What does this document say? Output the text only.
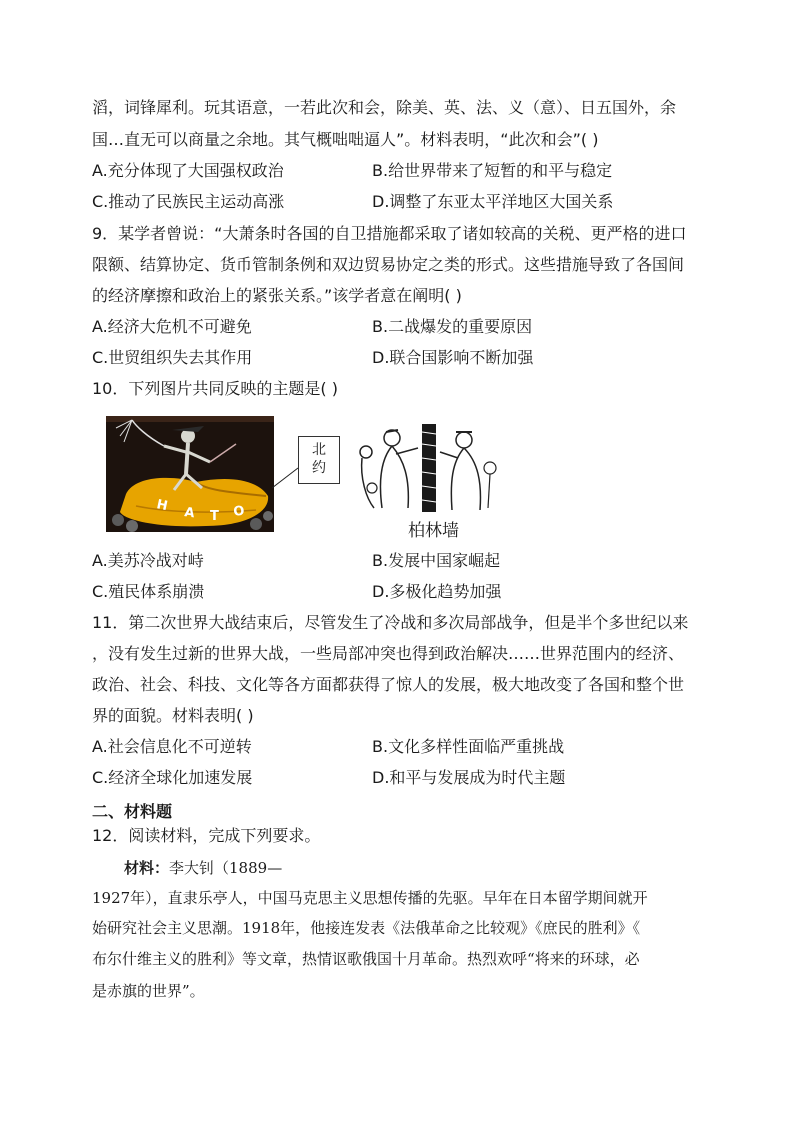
滔，词锋犀利。玩其语意，一若此次和会，除美、英、法、义（意）、日五国外，余
国…直无可以商量之余地。其气概咄咄逼人”。材料表明，“此次和会”( )
A.充分体现了大国强权政治	B.给世界带来了短暂的和平与稳定
C.推动了民族民主运动高涨	D.调整了东亚太平洋地区大国关系
9．某学者曾说：“大萧条时各国的自卫措施都采取了诸如较高的关税、更严格的进口
限额、结算协定、货币管制条例和双边贸易协定之类的形式。这些措施导致了各国间
的经济摩擦和政治上的紧张关系。”该学者意在阐明( )
A.经济大危机不可避免	B.二战爆发的重要原因
C.世贸组织失去其作用	D.联合国影响不断加强
10．下列图片共同反映的主题是( )
Н А Т О
北
约
柏林墙
A.美苏冷战对峙	B.发展中国家崛起
C.殖民体系崩溃	D.多极化趋势加强
11．第二次世界大战结束后，尽管发生了冷战和多次局部战争，但是半个多世纪以来
，没有发生过新的世界大战，一些局部冲突也得到政治解决……世界范围内的经济、
政治、社会、科技、文化等各方面都获得了惊人的发展，极大地改变了各国和整个世
界的面貌。材料表明( )
A.社会信息化不可逆转	B.文化多样性面临严重挑战
C.经济全球化加速发展	D.和平与发展成为时代主题
二、材料题
12．阅读材料，完成下列要求。
材料：李大钊（1889—
1927年），直隶乐亭人，中国马克思主义思想传播的先驱。早年在日本留学期间就开
始研究社会主义思潮。1918年，他接连发表《法俄革命之比较观》《庶民的胜利》《
布尔什维主义的胜利》等文章，热情讴歌俄国十月革命。热烈欢呼“将来的环球，必
是赤旗的世界”。
